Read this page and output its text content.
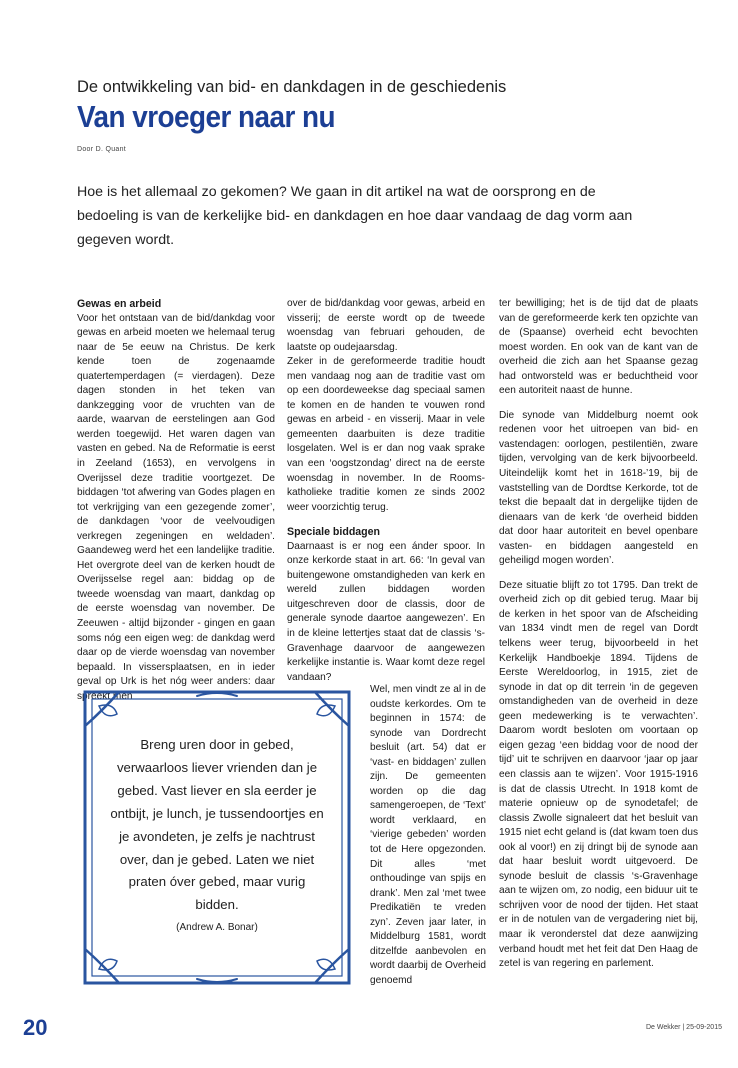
De ontwikkeling van bid- en dankdagen in de geschiedenis
Van vroeger naar nu
Door D. Quant
Hoe is het allemaal zo gekomen? We gaan in dit artikel na wat de oorsprong en de bedoeling is van de kerkelijke bid- en dankdagen en hoe daar vandaag de dag vorm aan gegeven wordt.
Gewas en arbeid

Voor het ontstaan van de bid/dankdag voor gewas en arbeid moeten we helemaal terug naar de 5e eeuw na Christus. De kerk kende toen de zogenaamde quatertemperdagen (= vierdagen). Deze dagen stonden in het teken van dankzegging voor de vruchten van de aarde, waarvan de eerstelingen aan God werden toegewijd. Het waren dagen van vasten en gebed. Na de Reformatie is eerst in Zeeland (1653), en vervolgens in Overijssel deze traditie voortgezet. De biddagen ‘tot afwering van Godes plagen en tot verkrijging van een gezegende zomer’, de dankdagen ‘voor de veelvoudigen verkregen zegeningen en weldaden’. Gaandeweg werd het een landelijke traditie. Het overgrote deel van de kerken houdt de Overijsselse regel aan: biddag op de tweede woensdag van maart, dankdag op de eerste woensdag van november. De Zeeuwen - altijd bijzonder - gingen en gaan soms nóg een eigen weg: de dankdag werd daar op de vierde woensdag van november bepaald. In vissersplaatsen, en in ieder geval op Urk is het nóg weer anders: daar spreekt men

over de bid/dankdag voor gewas, arbeid en visserij; de eerste wordt op de tweede woensdag van februari gehouden, de laatste op oudejaarsdag.

Zeker in de gereformeerde traditie houdt men vandaag nog aan de traditie vast om op een doordeweekse dag speciaal samen te komen en de handen te vouwen rond gewas en arbeid - en visserij. Maar in vele gemeenten daarbuiten is deze traditie losgelaten. Wel is er dan nog vaak sprake van een ‘oogstzondag’ direct na de eerste woensdag in november. In de Rooms-katholieke traditie komen ze sinds 2002 weer voorzichtig terug.

Speciale biddagen

Daarnaast is er nog een ánder spoor. In onze kerkorde staat in art. 66: ‘In geval van buitengewone omstandigheden van kerk en wereld zullen biddagen worden uitgeschreven door de classis, door de generale synode daartoe aangewezen’. En in de kleine lettertjes staat dat de classis ‘s-Gravenhage daarvoor de aangewezen kerkelijke instantie is. Waar komt deze regel vandaan?

Wel, men vindt ze al in de oudste kerkordes. Om te beginnen in 1574: de synode van Dordrecht besluit (art. 54) dat er ‘vast- en biddagen’ zullen zijn. De gemeenten worden op die dag samengeroepen, de ‘Text’ wordt verklaard, en ‘vierige gebeden’ worden tot de Here opgezonden. Dit alles ‘met onthoudinge van spijs en drank’. Men zal ‘met twee Predikatiën te vreden zyn’. Zeven jaar later, in Middelburg 1581, wordt ditzelfde aanbevolen en wordt daarbij de Overheid genoemd

ter bewilliging; het is de tijd dat de plaats van de gereformeerde kerk ten opzichte van de (Spaanse) overheid echt bevochten moest worden. En ook van de kant van de overheid die zich aan het Spaanse gezag had ontworsteld was er beduchtheid voor een autoriteit naast de hunne.

Die synode van Middelburg noemt ook redenen voor het uitroepen van bid- en vastendagen: oorlogen, pestilentiën, zware tijden, vervolging van de kerk bijvoorbeeld. Uiteindelijk komt het in 1618-’19, bij de vaststelling van de Dordtse Kerkorde, tot de tekst die bepaalt dat in dergelijke tijden de dienaars van de kerk ‘de overheid bidden dat door haar autoriteit en bevel openbare vasten- en biddagen aangesteld en geheiligd mogen worden’.

Deze situatie blijft zo tot 1795. Dan trekt de overheid zich op dit gebied terug. Maar bij de kerken in het spoor van de Afscheiding van 1834 vindt men de regel van Dordt telkens weer terug, bijvoorbeeld in het Kerkelijk Handboekje 1894. Tijdens de Eerste Wereldoorlog, in 1915, ziet de synode in dat op dit terrein ‘in de gegeven omstandigheden van de overheid in deze geen medewerking is te verwachten’. Daarom wordt besloten om voortaan op eigen gezag ‘een biddag voor de nood der tijd’ uit te schrijven en daarvoor ‘jaar op jaar een classis aan te wijzen’. Voor 1915-1916 is dat de classis Utrecht. In 1918 komt de materie opnieuw op de synodetafel; de classis Zwolle signaleert dat het besluit van 1915 niet echt geland is (dat kwam toen dus ook al voor!) en zij dringt bij de synode aan dat haar besluit wordt uitgevoerd. De synode besluit de classis ‘s-Gravenhage aan te wijzen om, zo nodig, een biduur uit te schrijven voor de nood der tijden. Het staat er in de notulen van de vergadering niet bij, maar ik veronderstel dat deze aanwijzing verband houdt met het feit dat Den Haag de zetel is van regering en parlement.

Breng uren door in gebed, verwaarloos liever vrienden dan je gebed. Vast liever en sla eerder je ontbijt, je lunch, je tussendoortjes en je avondeten, je zelfs je nachtrust over, dan je gebed. Laten we niet praten óver gebed, maar vurig bidden.
(Andrew A. Bonar)
20	De Wekker | 25-09-2015
